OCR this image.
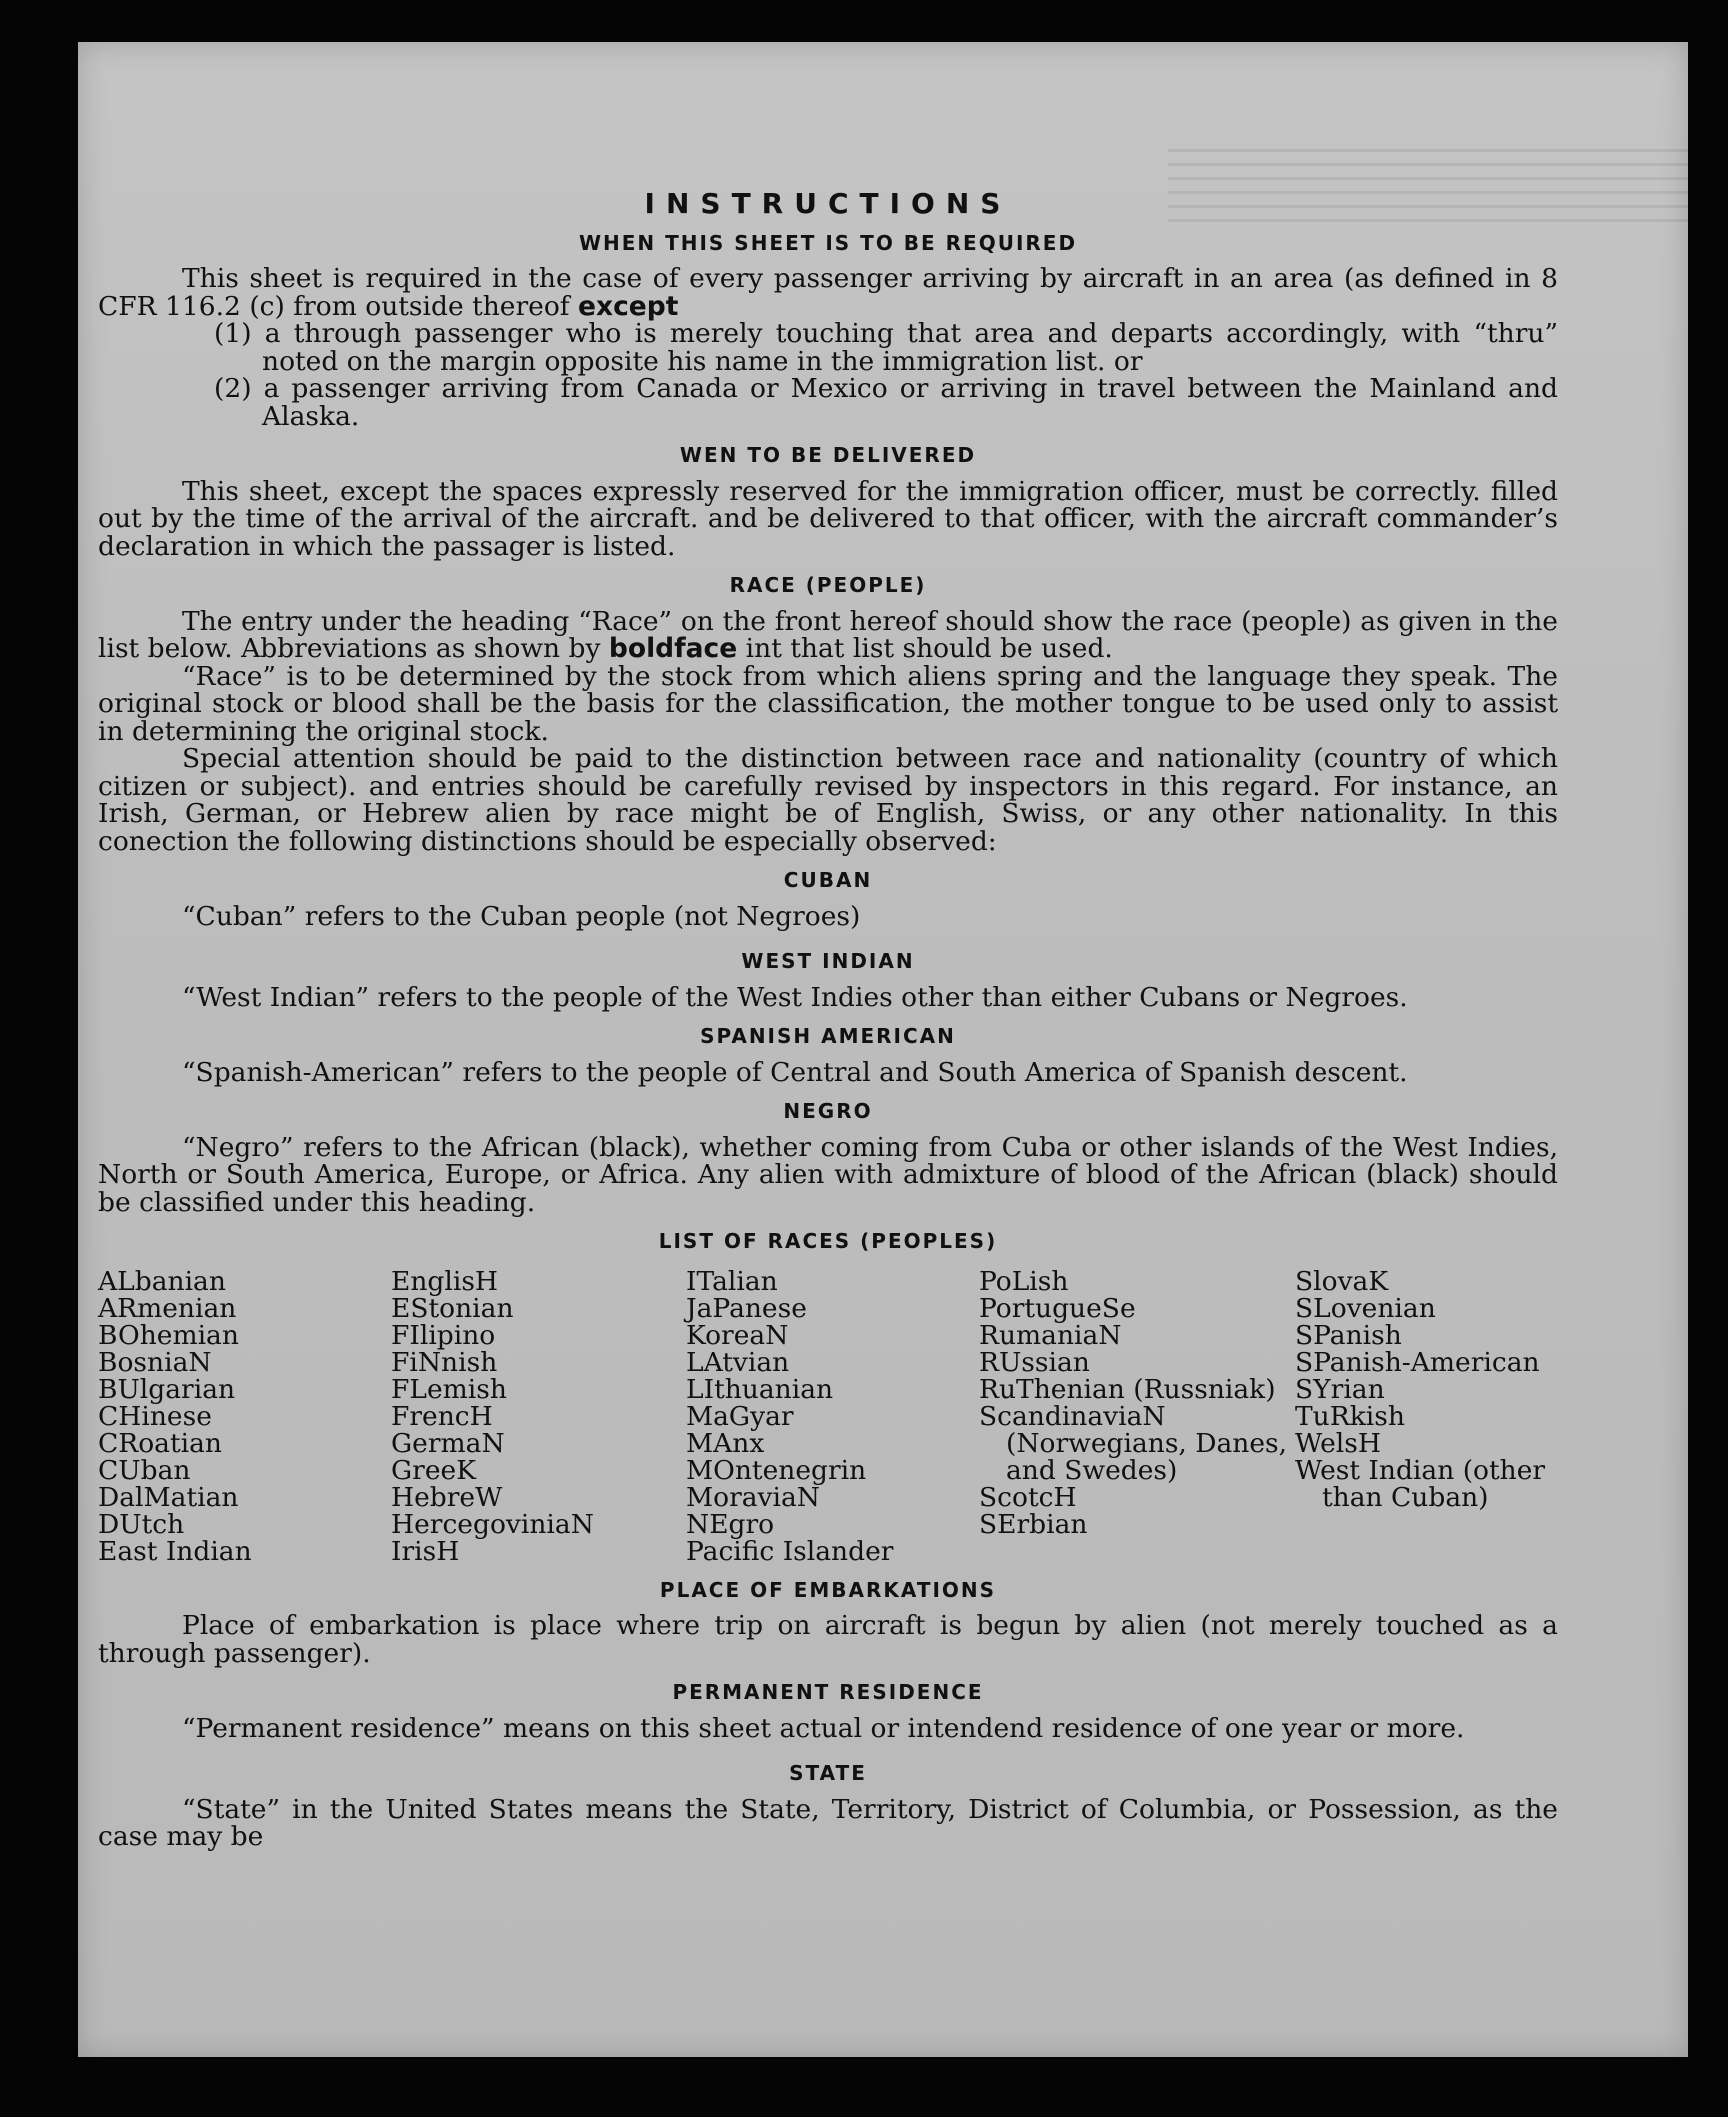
INSTRUCTIONS
WHEN THIS SHEET IS TO BE REQUIRED

This sheet is required in the case of every passenger arriving by aircraft in an area (as defined in 8 CFR 116.2 (c) from outside thereof except

(1) a through passenger who is merely touching that area and departs accordingly, with “thru” noted on the margin opposite his name in the immigration list. or

(2) a passenger arriving from Canada or Mexico or arriving in travel between the Mainland and Alaska.

WEN TO BE DELIVERED

This sheet, except the spaces expressly reserved for the immigration officer, must be correctly. filled out by the time of the arrival of the aircraft. and be delivered to that officer, with the aircraft commander’s declaration in which the passager is listed.

RACE (PEOPLE)

The entry under the heading “Race” on the front hereof should show the race (people) as given in the list below. Abbreviations as shown by boldface int that list should be used.

“Race” is to be determined by the stock from which aliens spring and the language they speak. The original stock or blood shall be the basis for the classification, the mother tongue to be used only to assist in determining the original stock.

Special attention should be paid to the distinction between race and nationality (country of which citizen or subject). and entries should be carefully revised by inspectors in this regard. For instance, an Irish, German, or Hebrew alien by race might be of English, Swiss, or any other nationality. In this conection the following distinctions should be especially observed:

CUBAN

“Cuban” refers to the Cuban people (not Negroes)

WEST INDIAN

“West Indian” refers to the people of the West Indies other than either Cubans or Negroes.

SPANISH AMERICAN

“Spanish-American” refers to the people of Central and South America of Spanish descent.

NEGRO

“Negro” refers to the African (black), whether coming from Cuba or other islands of the West Indies, North or South America, Europe, or Africa. Any alien with admixture of blood of the African (black) should be classified under this heading.

LIST OF RACES (PEOPLES)
ALbanian
ARmenian
BOhemian
BosniaN
BUlgarian
CHinese
CRoatian
CUban
DalMatian
DUtch
East Indian
EnglisH
EStonian
FIlipino
FiNnish
FLemish
FrencH
GermaN
GreeK
HebreW
HercegoviniaN
IrisH
ITalian
JaPanese
KoreaN
LAtvian
LIthuanian
MaGyar
MAnx
MOntenegrin
MoraviaN
NEgro
Pacific Islander
PoLish
PortugueSe
RumaniaN
RUssian
RuThenian (Russniak)
ScandinaviaN (Norwegians, Danes, and Swedes)
ScotcH
SErbian
SlovaK
SLovenian
SPanish
SPanish-American
SYrian
TuRkish
WelsH
West Indian (other than Cuban)
PLACE OF EMBARKATIONS

Place of embarkation is place where trip on aircraft is begun by alien (not merely touched as a through passenger).

PERMANENT RESIDENCE

“Permanent residence” means on this sheet actual or intendend residence of one year or more.

STATE

“State” in the United States means the State, Territory, District of Columbia, or Possession, as the case may be
